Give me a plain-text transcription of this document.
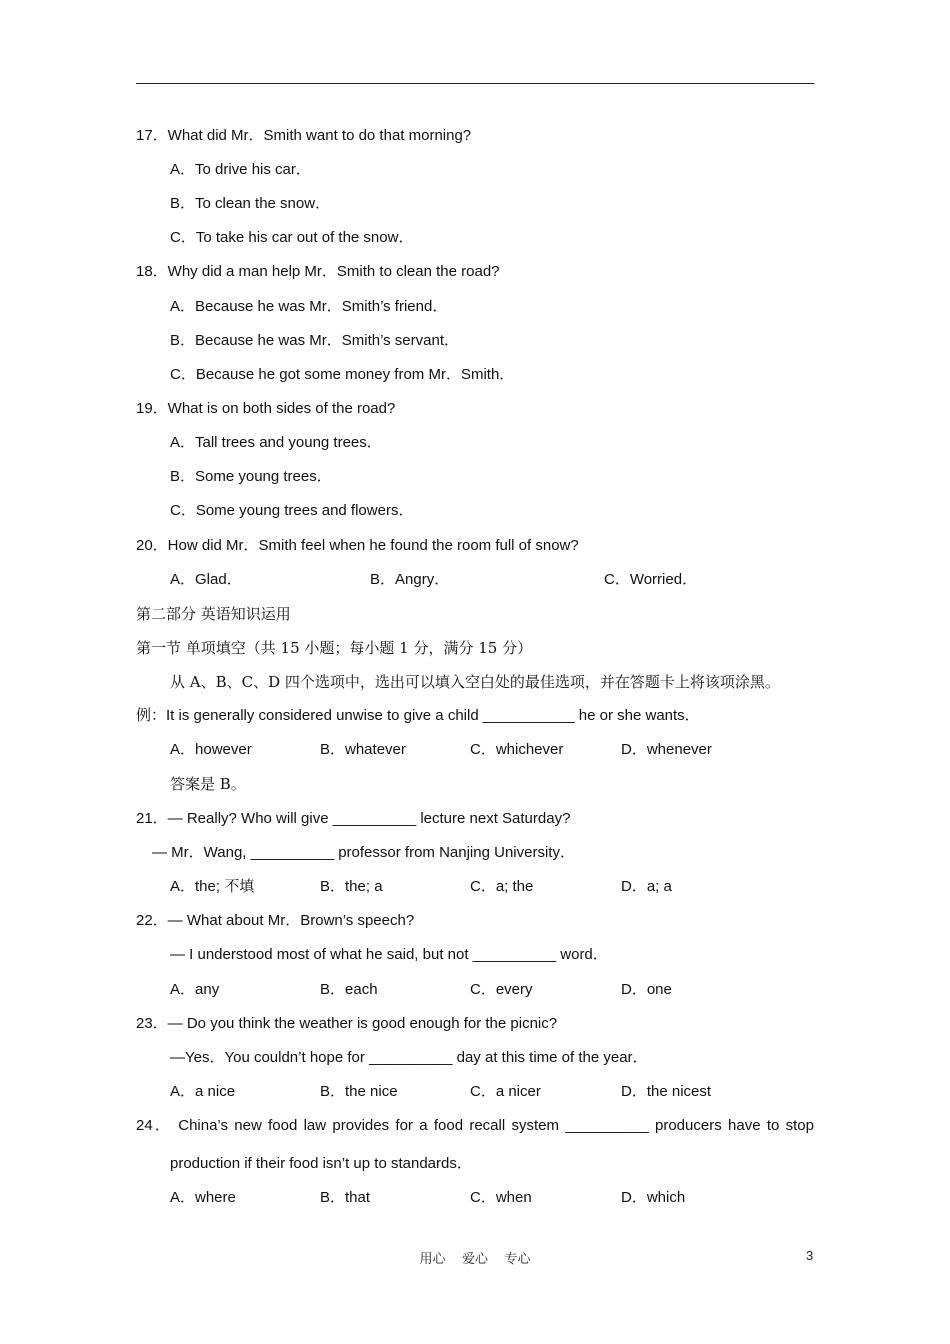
17．What did Mr．Smith want to do that morning?
A．To drive his car．
B．To clean the snow．
C．To take his car out of the snow．
18．Why did a man help Mr．Smith to clean the road?
A．Because he was Mr．Smith’s friend．
B．Because he was Mr．Smith’s servant．
C．Because he got some money from Mr．Smith．
19．What is on both sides of the road?
A．Tall trees and young trees．
B．Some young trees．
C．Some young trees and flowers．
20．How did Mr．Smith feel when he found the room full of snow?
A．Glad．	B．Angry．	C．Worried．
第二部分 英语知识运用
第一节 单项填空（共 15 小题；每小题 1 分，满分 15 分）
从 A、B、C、D 四个选项中，选出可以填入空白处的最佳选项，并在答题卡上将该项涂黑。
例：It is generally considered unwise to give a child ___________ he or she wants．
A．however	B．whatever	C．whichever	D．whenever
答案是 B。
21．— Really? Who will give __________ lecture next Saturday?
— Mr．Wang, __________ professor from Nanjing University．
A．the; 不填	B．the; a	C．a; the	D．a; a
22．— What about Mr．Brown’s speech?
— I understood most of what he said, but not __________ word．
A．any	B．each	C．every	D．one
23．— Do you think the weather is good enough for the picnic?
—Yes．You couldn’t hope for __________ day at this time of the year．
A．a nice	B．the nice	C．a nicer	D．the nicest
24． China’s new food law provides for a food recall system __________ producers have to stop
production if their food isn’t up to standards．
A．where	B．that	C．when	D．which
用心    爱心    专心	3
